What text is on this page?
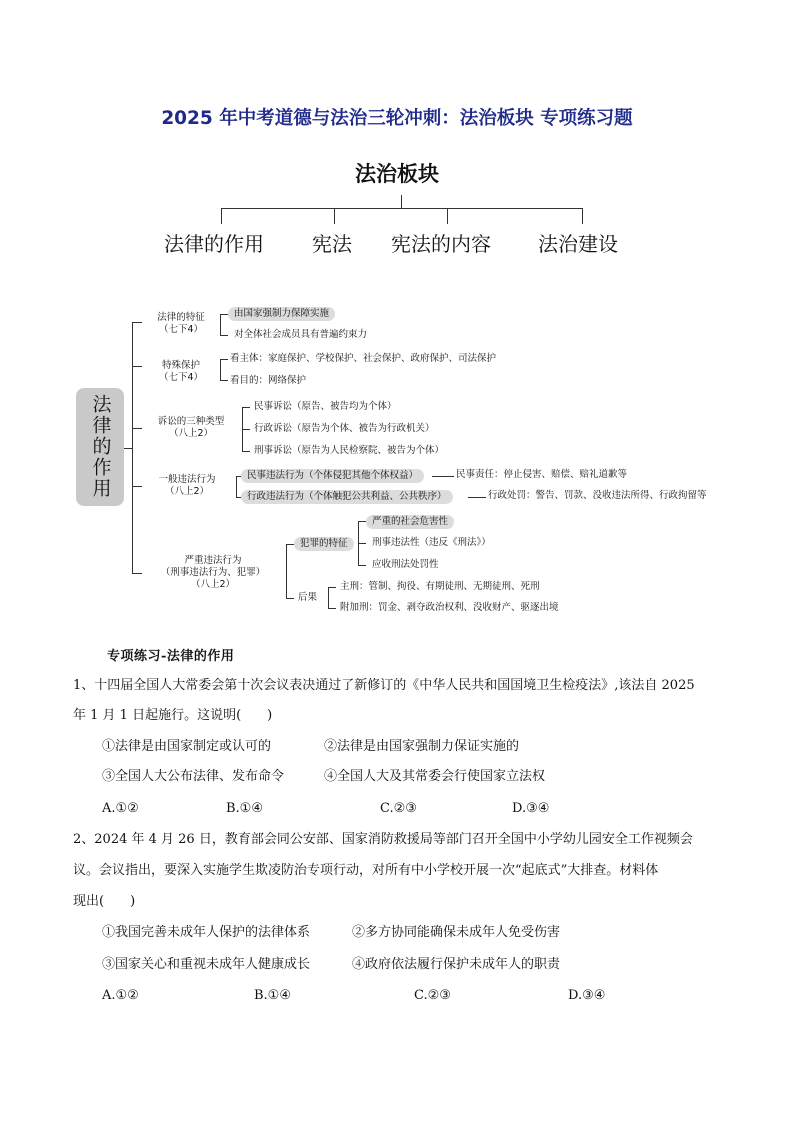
2025 年中考道德与法治三轮冲刺：法治板块 专项练习题
法治板块
法律的作用 宪法 宪法的内容 法治建设
法律的作用
法律的特征
（七下4）
由国家强制力保障实施
对全体社会成员具有普遍约束力
特殊保护
（七下4）
看主体：家庭保护、学校保护、社会保护、政府保护、司法保护
看目的：网络保护
诉讼的三种类型
（八上2）
民事诉讼（原告、被告均为个体）
行政诉讼（原告为个体、被告为行政机关）
刑事诉讼（原告为人民检察院、被告为个体）
一般违法行为
（八上2）
民事违法行为（个体侵犯其他个体权益）	民事责任：停止侵害、赔偿、赔礼道歉等
行政违法行为（个体触犯公共利益、公共秩序）	行政处罚：警告、罚款、没收违法所得、行政拘留等
严重违法行为
（刑事违法行为、犯罪）
（八上2）
犯罪的特征
严重的社会危害性
刑事违法性（违反《刑法》）
应收刑法处罚性
后果
主刑：管制、拘役、有期徒刑、无期徒刑、死刑
附加刑：罚金、剥夺政治权利、没收财产、驱逐出境
专项练习-法律的作用
1、十四届全国人大常委会第十次会议表决通过了新修订的《中华人民共和国国境卫生检疫法》,该法自 2025
年 1 月 1 日起施行。这说明(　　)
①法律是由国家制定或认可的	②法律是由国家强制力保证实施的
③全国人大公布法律、发布命令	④全国人大及其常委会行使国家立法权
A.①②	B.①④	C.②③	D.③④
2、2024 年 4 月 26 日，教育部会同公安部、国家消防救援局等部门召开全国中小学幼儿园安全工作视频会
议。会议指出，要深入实施学生欺凌防治专项行动，对所有中小学校开展一次“起底式”大排查。材料体
现出(　　)
①我国完善未成年人保护的法律体系	②多方协同能确保未成年人免受伤害
③国家关心和重视未成年人健康成长	④政府依法履行保护未成年人的职责
A.①②	B.①④	C.②③	D.③④
